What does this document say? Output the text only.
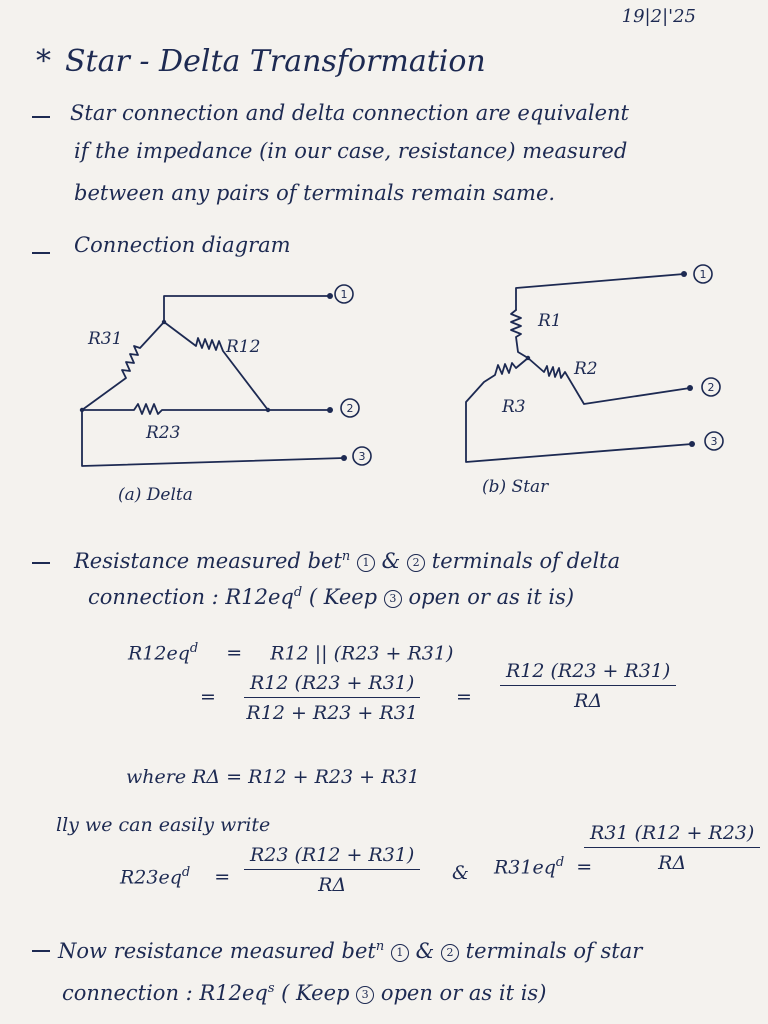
19|2|'25
* Star - Delta Transformation
Star connection and delta connection are equivalent
if the impedance (in our case, resistance) measured
between any pairs of terminals remain same.
Connection diagram
1
2
3
1
2
3
R31	R12
R23
(a) Delta
R1
R2
R3
(b) Star
Resistance measured bet$^n$ 1 & 2 terminals of delta
connection : $R12eq^d$ ( Keep 3 open or as it is)
$R12eq^d = R12$ || (R23 + R31)
= $\frac{R12 (R23 + R31)}{R12 + R23 + R31} = \frac{R12 (R23 + R31)}{R\Delta}$
where RΔ = R12 + R23 + R31
lly we can easily write
$R23eq^d = \frac{R23 (R12 + R31)}{R\Delta}$ & $R31eq^d$ =
$\frac{R31 (R12 + R23)}{R\Delta}$
Now resistance measured bet$^n$ 1 & 2 terminals of star
connection : $R12eq^s$ ( Keep 3 open or as it is)
